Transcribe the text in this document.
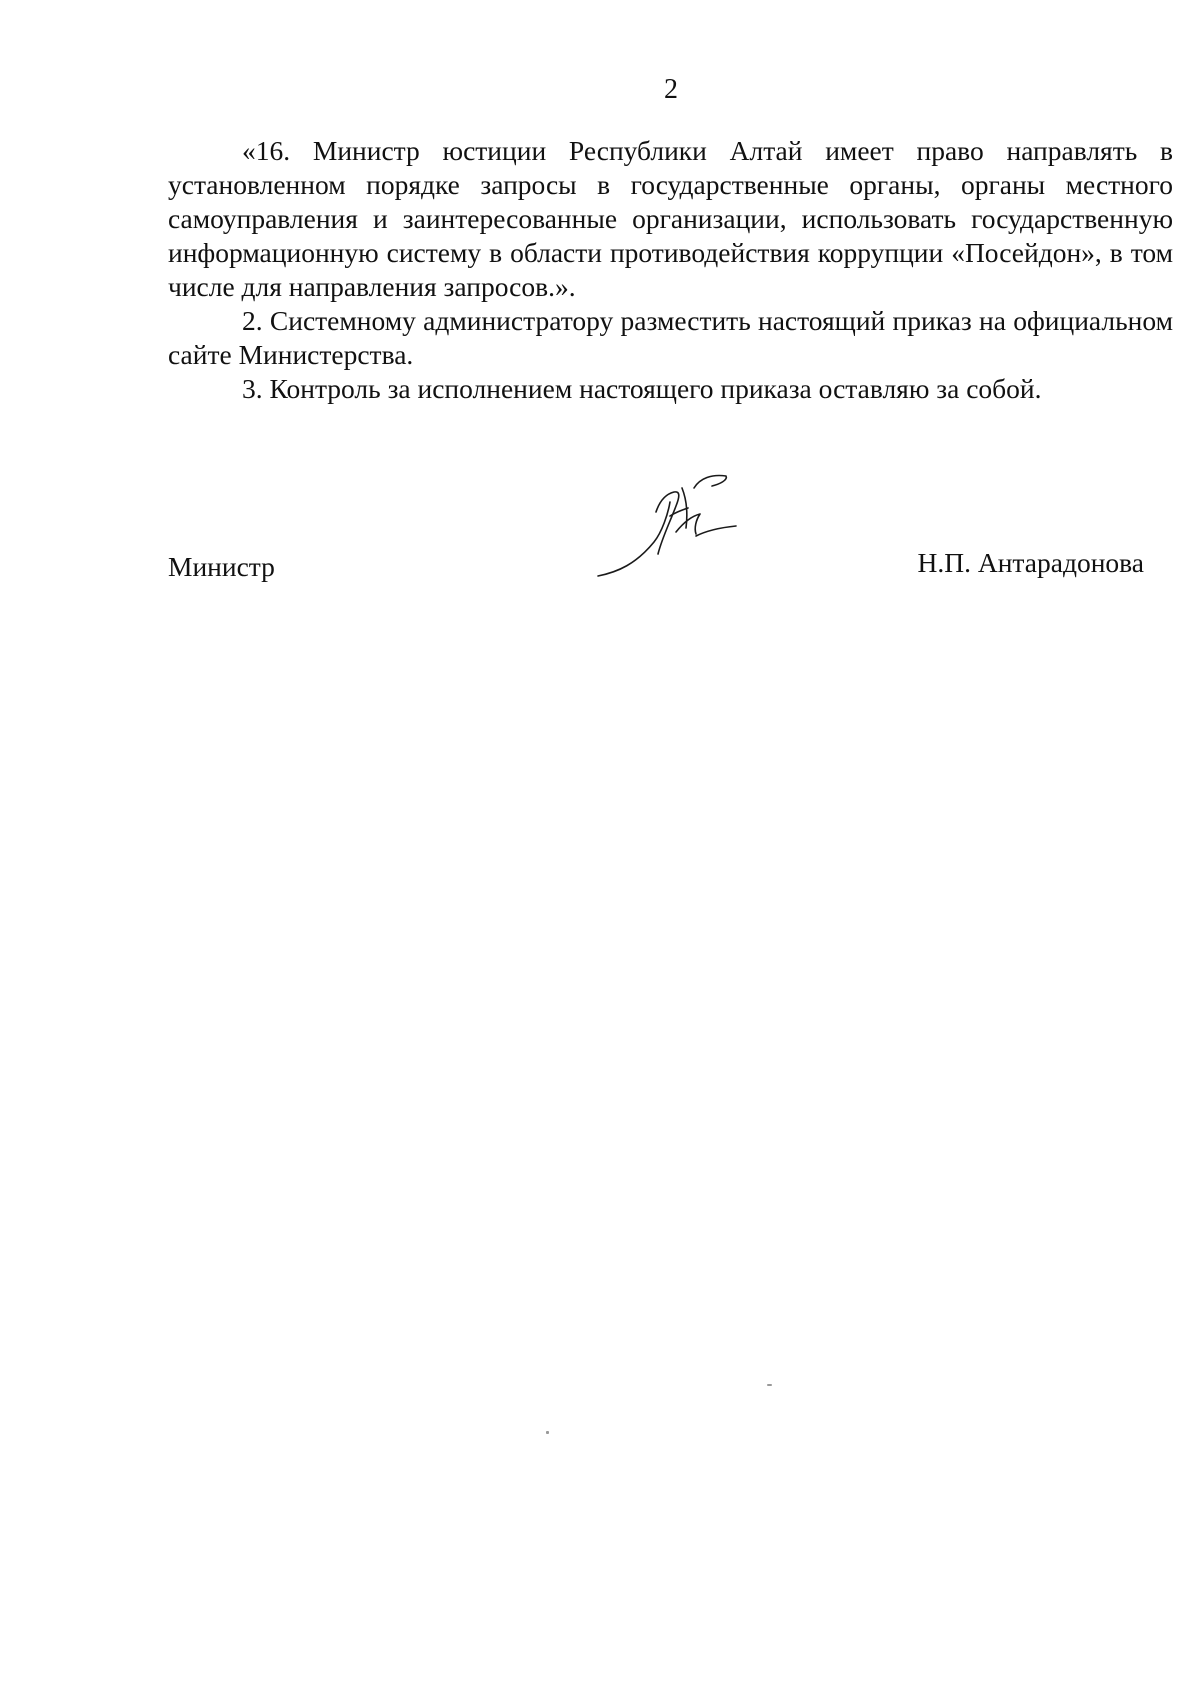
2

«16. Министр юстиции Республики Алтай имеет право направлять в установленном порядке запросы в государственные органы, органы местного самоуправления и заинтересованные организации, использовать государственную информационную систему в области противодействия коррупции «Посейдон», в том числе для направления запросов.».

2. Системному администратору разместить настоящий приказ на официальном сайте Министерства.

3. Контроль за исполнением настоящего приказа оставляю за собой.

Министр	Н.П. Антарадонова
